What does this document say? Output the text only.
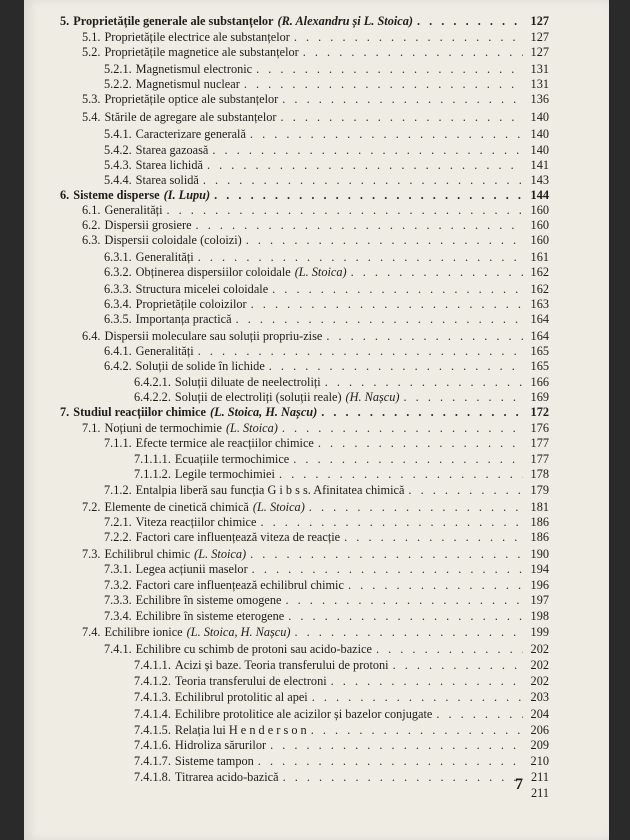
5. Proprietățile generale ale substanțelor (R. Alexandru și L. Stoica) . . .	127
5.1. Proprietățile electrice ale substanțelor . . .	127
5.2. Proprietățile magnetice ale substanțelor . . .	127
5.2.1. Magnetismul electronic . . .	131
5.2.2. Magnetismul nuclear . . .	131
5.3. Proprietățile optice ale substanțelor . . .	136
5.4. Stările de agregare ale substanțelor . . .	140
5.4.1. Caracterizare generală . . .	140
5.4.2. Starea gazoasă . . .	140
5.4.3. Starea lichidă . . .	141
5.4.4. Starea solidă . . .	143
6. Sisteme disperse (I. Lupu) . . .	144
6.1. Generalități . . .	160
6.2. Dispersii grosiere . . .	160
6.3. Dispersii coloidale (coloizi) . . .	160
6.3.1. Generalități . . .	161
6.3.2. Obținerea dispersiilor coloidale (L. Stoica) . . .	162
6.3.3. Structura micelei coloidale . . .	162
6.3.4. Proprietățile coloizilor . . .	163
6.3.5. Importanța practică . . .	164
6.4. Dispersii moleculare sau soluții propriu-zise . . .	164
6.4.1. Generalități . . .	165
6.4.2. Soluții de solide în lichide . . .	165
6.4.2.1. Soluții diluate de neelectroliți . . .	166
6.4.2.2. Soluții de electroliți (soluții reale) (H. Nașcu) . . .	169
7. Studiul reacțiilor chimice (L. Stoica, H. Nașcu) . . .	172
7.1. Noțiuni de termochimie (L. Stoica) . . .	176
7.1.1. Efecte termice ale reacțiilor chimice . . .	177
7.1.1.1. Ecuațiile termochimice . . .	177
7.1.1.2. Legile termochimiei . . .	178
7.1.2. Entalpia liberă sau funcția G i b s s. Afinitatea chimică . . .	179
7.2. Elemente de cinetică chimică (L. Stoica) . . .	181
7.2.1. Viteza reacțiilor chimice . . .	186
7.2.2. Factori care influențează viteza de reacție . . .	186
7.3. Echilibrul chimic (L. Stoica) . . .	190
7.3.1. Legea acțiunii maselor . . .	194
7.3.2. Factori care influențează echilibrul chimic . . .	196
7.3.3. Echilibre în sisteme omogene . . .	197
7.3.4. Echilibre în sisteme eterogene . . .	198
7.4. Echilibre ionice (L. Stoica, H. Nașcu) . . .	199
7.4.1. Echilibre cu schimb de protoni sau acido-bazice . . .	202
7.4.1.1. Acizi și baze. Teoria transferului de protoni . . .	202
7.4.1.2. Teoria transferului de electroni . . .	202
7.4.1.3. Echilibrul protolitic al apei . . .	203
7.4.1.4. Echilibre protolitice ale acizilor și bazelor conjugate . . .	204
7.4.1.5. Relația lui H e n d e r s o n . . .	206
7.4.1.6. Hidroliza sărurilor . . .	209
7.4.1.7. Sisteme tampon . . .	210
7.4.1.8. Titrarea acido-bazică . . .	211
211
7
